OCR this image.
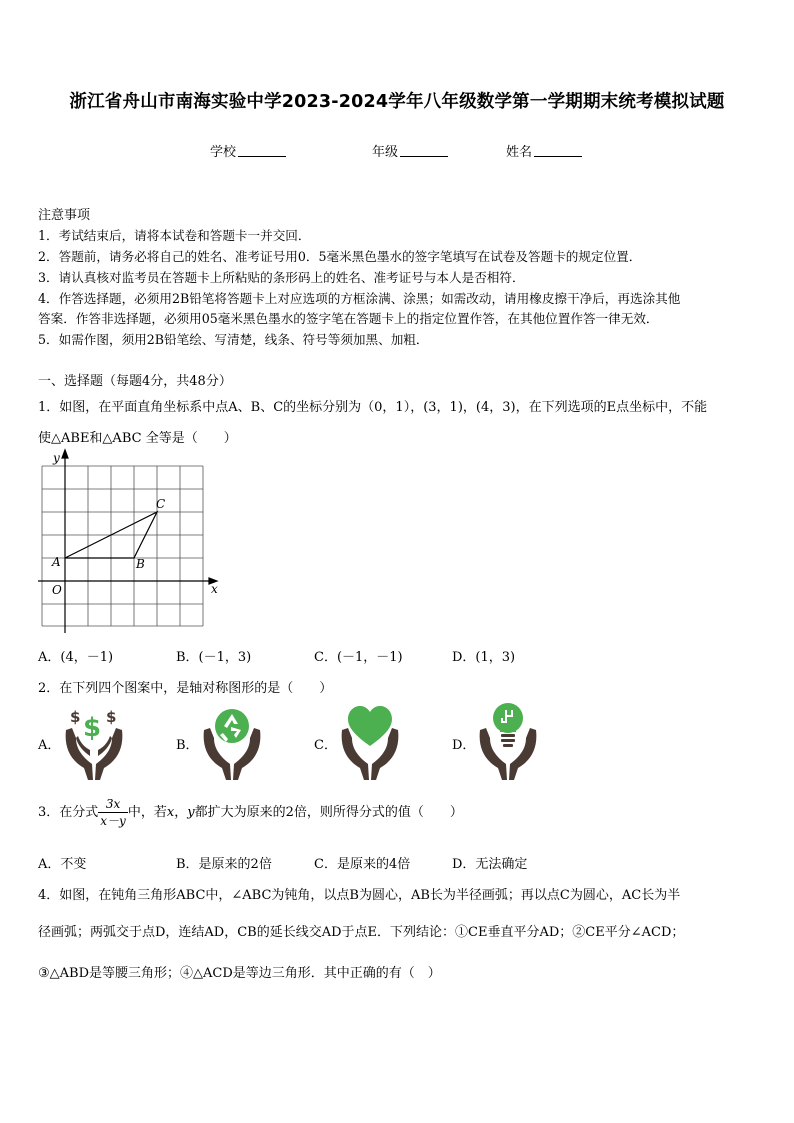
浙江省舟山市南海实验中学2023-2024学年八年级数学第一学期期末统考模拟试题
学校	年级	姓名
注意事项
1．考试结束后，请将本试卷和答题卡一并交回．
2．答题前，请务必将自己的姓名、准考证号用0．5毫米黑色墨水的签字笔填写在试卷及答题卡的规定位置．
3．请认真核对监考员在答题卡上所粘贴的条形码上的姓名、准考证号与本人是否相符．
4．作答选择题，必须用2B铅笔将答题卡上对应选项的方框涂满、涂黑；如需改动，请用橡皮擦干净后，再选涂其他
答案．作答非选择题，必须用05毫米黑色墨水的签字笔在答题卡上的指定位置作答，在其他位置作答一律无效．
5．如需作图，须用2B铅笔绘、写清楚，线条、符号等须加黑、加粗．
一、选择题（每题4分，共48分）
1．如图，在平面直角坐标系中点A、B、C的坐标分别为（0，1），(3，1)，(4，3)，在下列选项的E点坐标中，不能
使△ABE和△ABC 全等是（　　）
y
x
O
A	B
C
A．(4，－1)	B．(－1，3)	C．(－1，－1)	D．(1，3)
2．在下列四个图案中，是轴对称图形的是（　　）
A．	B．	C．	D．
$
$ $
3．在分式 $\frac{3x}{x-y}$ 中，若x，y都扩大为原来的2倍，则所得分式的值（　　）
A．不变	B．是原来的2倍	C．是原来的4倍	D．无法确定
4．如图，在钝角三角形ABC中，∠ABC为钝角，以点B为圆心，AB长为半径画弧；再以点C为圆心，AC长为半
径画弧；两弧交于点D，连结AD，CB的延长线交AD于点E．下列结论：①CE垂直平分AD；②CE平分∠ACD；
③△ABD是等腰三角形；④△ACD是等边三角形．其中正确的有（　）
